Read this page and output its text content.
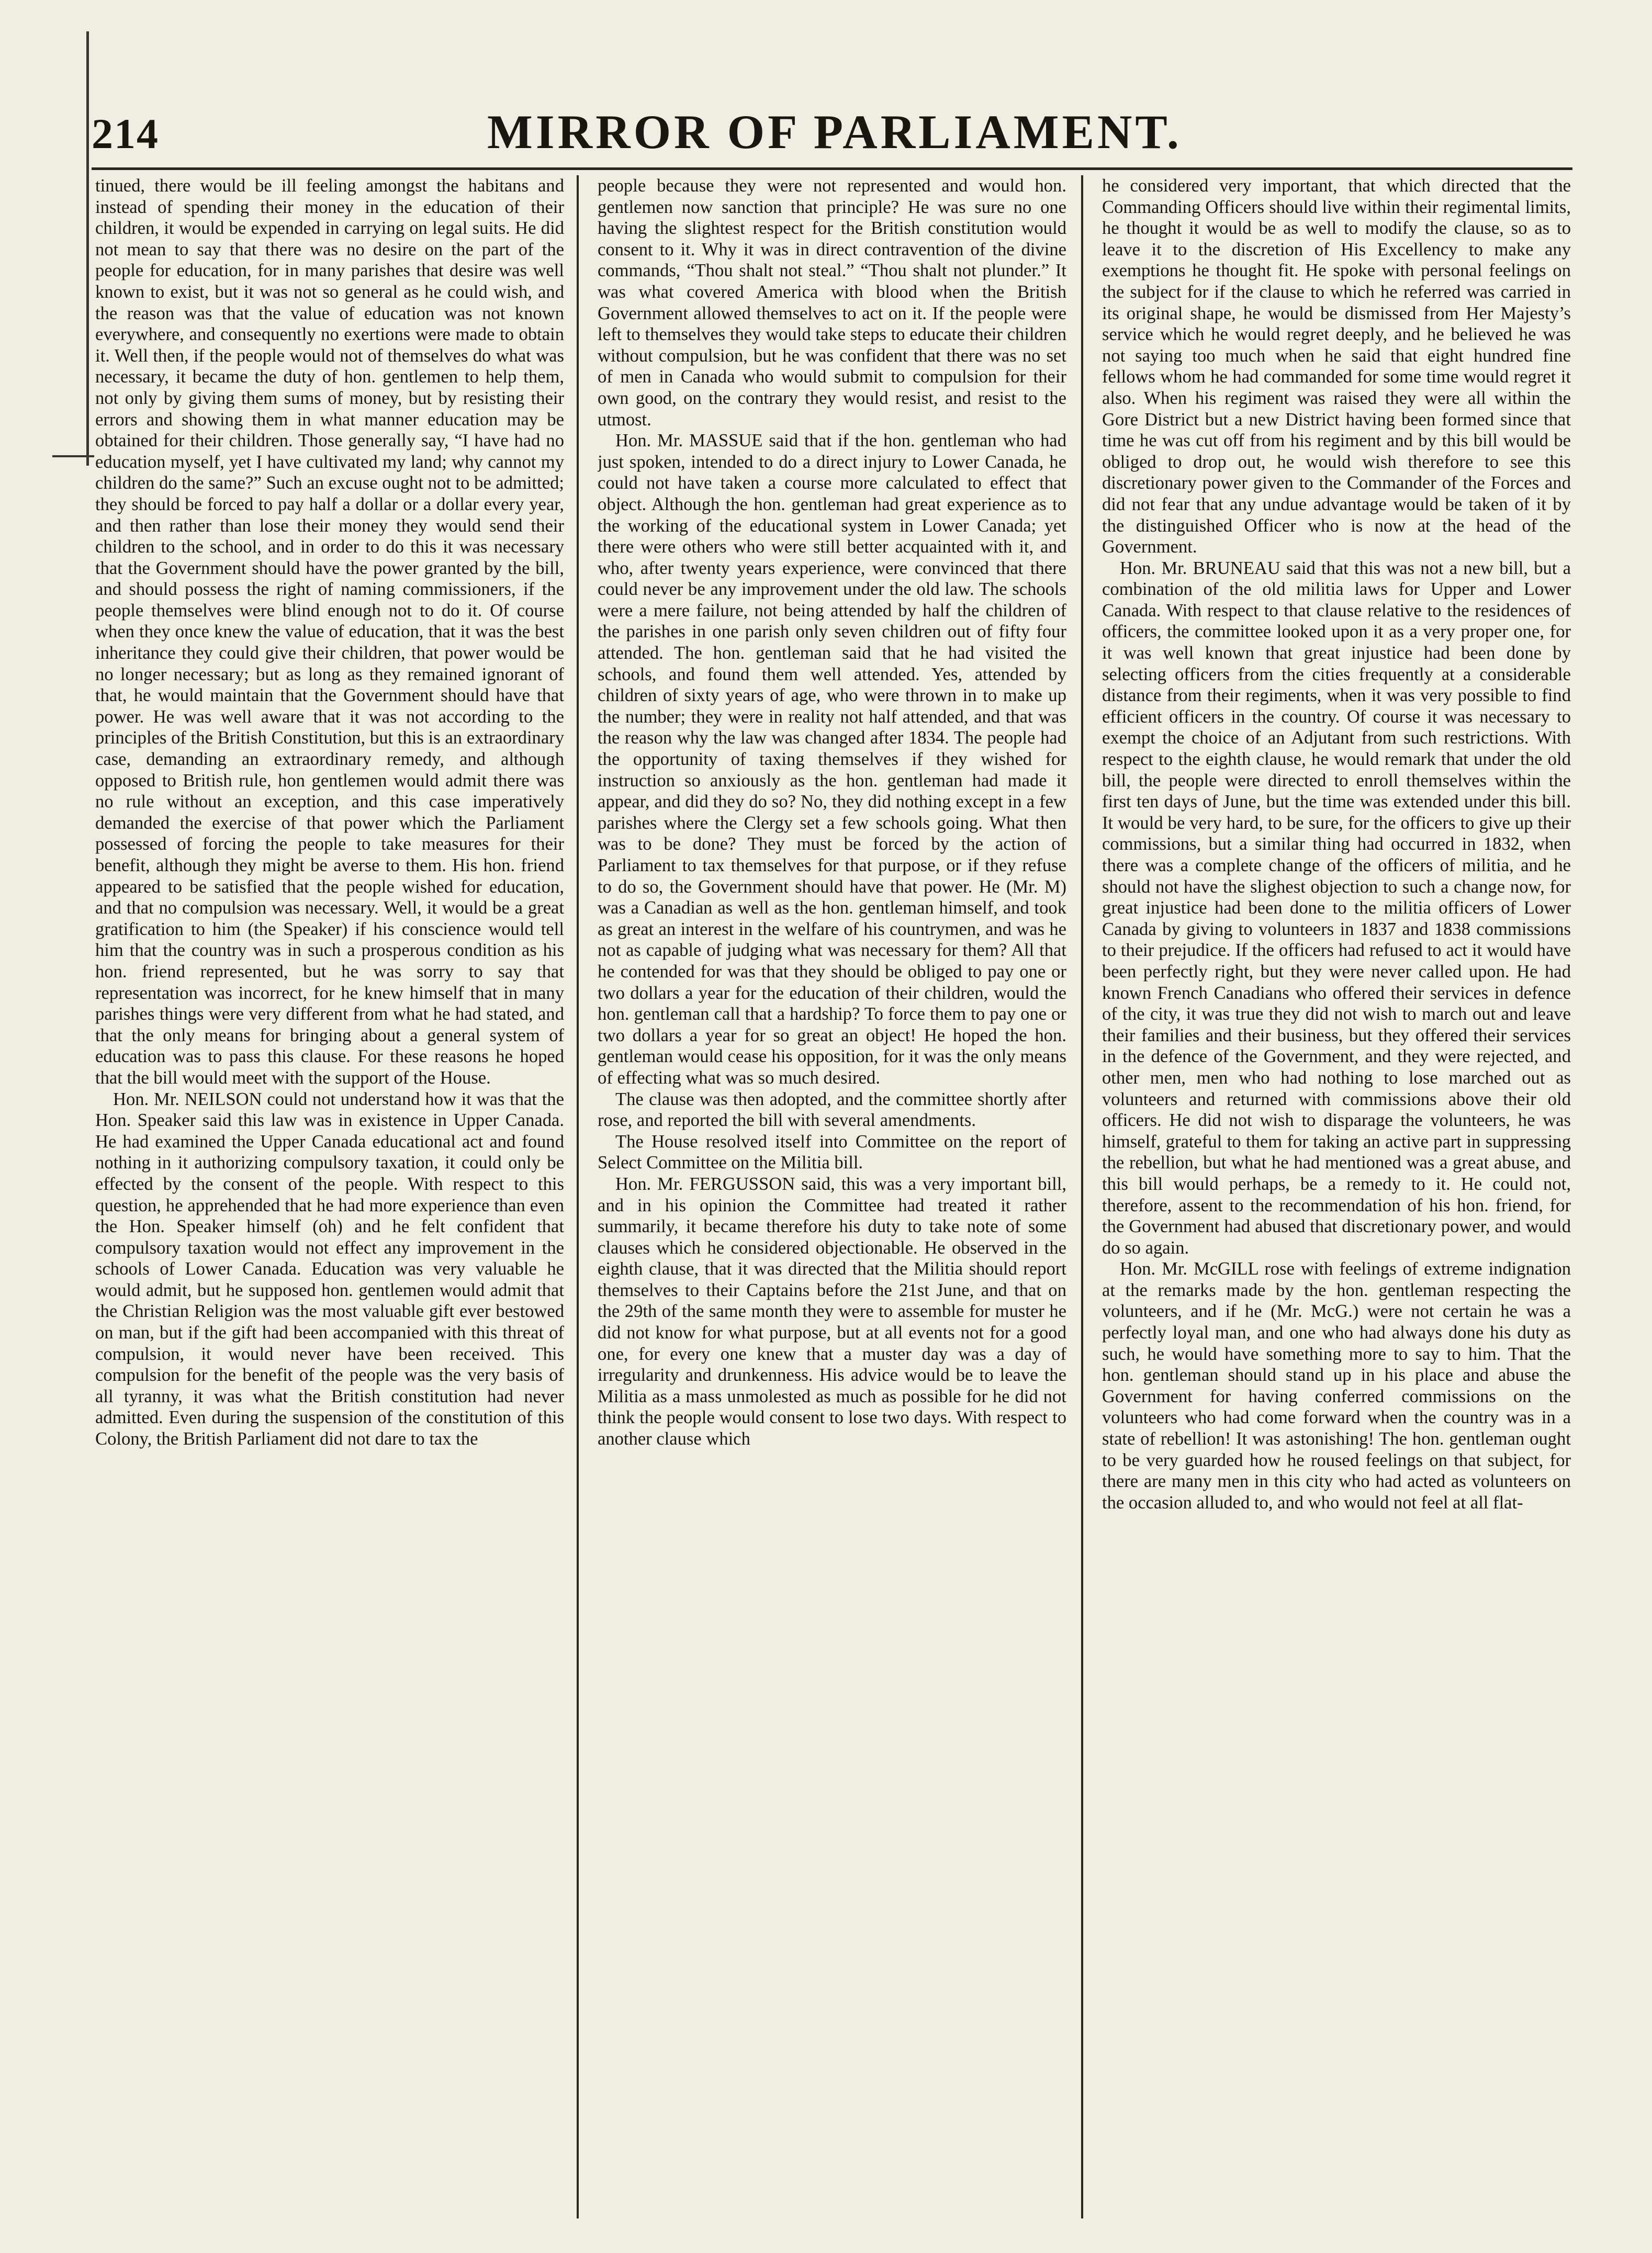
214	MIRROR OF PARLIAMENT.

tinued, there would be ill feeling amongst the habitans and instead of spending their money in the education of their children, it would be expended in carrying on legal suits. He did not mean to say that there was no desire on the part of the people for education, for in many parishes that desire was well known to exist, but it was not so general as he could wish, and the reason was that the value of education was not known everywhere, and consequently no exertions were made to obtain it. Well then, if the people would not of themselves do what was necessary, it became the duty of hon. gentlemen to help them, not only by giving them sums of money, but by resisting their errors and showing them in what manner education may be obtained for their children. Those generally say, “I have had no education myself, yet I have cultivated my land; why cannot my children do the same?” Such an excuse ought not to be admitted; they should be forced to pay half a dollar or a dollar every year, and then rather than lose their money they would send their children to the school, and in order to do this it was necessary that the Government should have the power granted by the bill, and should possess the right of naming commissioners, if the people themselves were blind enough not to do it. Of course when they once knew the value of education, that it was the best inheritance they could give their children, that power would be no longer necessary; but as long as they remained ignorant of that, he would maintain that the Government should have that power. He was well aware that it was not according to the principles of the British Constitution, but this is an extraordinary case, demanding an extraordinary remedy, and although opposed to British rule, hon gentlemen would admit there was no rule without an exception, and this case imperatively demanded the exercise of that power which the Parliament possessed of forcing the people to take measures for their benefit, although they might be averse to them. His hon. friend appeared to be satisfied that the people wished for education, and that no compulsion was necessary. Well, it would be a great gratification to him (the Speaker) if his conscience would tell him that the country was in such a prosperous condition as his hon. friend represented, but he was sorry to say that representation was incorrect, for he knew himself that in many parishes things were very different from what he had stated, and that the only means for bringing about a general system of education was to pass this clause. For these reasons he hoped that the bill would meet with the support of the House.

Hon. Mr. NEILSON could not understand how it was that the Hon. Speaker said this law was in existence in Upper Canada. He had examined the Upper Canada educational act and found nothing in it authorizing compulsory taxation, it could only be effected by the consent of the people. With respect to this question, he apprehended that he had more experience than even the Hon. Speaker himself (oh) and he felt confident that compulsory taxation would not effect any improvement in the schools of Lower Canada. Education was very valuable he would admit, but he supposed hon. gentlemen would admit that the Christian Religion was the most valuable gift ever bestowed on man, but if the gift had been accompanied with this threat of compulsion, it would never have been received. This compulsion for the benefit of the people was the very basis of all tyranny, it was what the British constitution had never admitted. Even during the suspension of the constitution of this Colony, the British Parliament did not dare to tax the

people because they were not represented and would hon. gentlemen now sanction that principle? He was sure no one having the slightest respect for the British constitution would consent to it. Why it was in direct contravention of the divine commands, “Thou shalt not steal.” “Thou shalt not plunder.” It was what covered America with blood when the British Government allowed themselves to act on it. If the people were left to themselves they would take steps to educate their children without compulsion, but he was confident that there was no set of men in Canada who would submit to compulsion for their own good, on the contrary they would resist, and resist to the utmost.

Hon. Mr. MASSUE said that if the hon. gentleman who had just spoken, intended to do a direct injury to Lower Canada, he could not have taken a course more calculated to effect that object. Although the hon. gentleman had great experience as to the working of the educational system in Lower Canada; yet there were others who were still better acquainted with it, and who, after twenty years experience, were convinced that there could never be any improvement under the old law. The schools were a mere failure, not being attended by half the children of the parishes in one parish only seven children out of fifty four attended. The hon. gentleman said that he had visited the schools, and found them well attended. Yes, attended by children of sixty years of age, who were thrown in to make up the number; they were in reality not half attended, and that was the reason why the law was changed after 1834. The people had the opportunity of taxing themselves if they wished for instruction so anxiously as the hon. gentleman had made it appear, and did they do so? No, they did nothing except in a few parishes where the Clergy set a few schools going. What then was to be done? They must be forced by the action of Parliament to tax themselves for that purpose, or if they refuse to do so, the Government should have that power. He (Mr. M) was a Canadian as well as the hon. gentleman himself, and took as great an interest in the welfare of his countrymen, and was he not as capable of judging what was necessary for them? All that he contended for was that they should be obliged to pay one or two dollars a year for the education of their children, would the hon. gentleman call that a hardship? To force them to pay one or two dollars a year for so great an object! He hoped the hon. gentleman would cease his opposition, for it was the only means of effecting what was so much desired.

The clause was then adopted, and the committee shortly after rose, and reported the bill with several amendments.

The House resolved itself into Committee on the report of Select Committee on the Militia bill.

Hon. Mr. FERGUSSON said, this was a very important bill, and in his opinion the Committee had treated it rather summarily, it became therefore his duty to take note of some clauses which he considered objectionable. He observed in the eighth clause, that it was directed that the Militia should report themselves to their Captains before the 21st June, and that on the 29th of the same month they were to assemble for muster he did not know for what purpose, but at all events not for a good one, for every one knew that a muster day was a day of irregularity and drunkenness. His advice would be to leave the Militia as a mass unmolested as much as possible for he did not think the people would consent to lose two days. With respect to another clause which

he considered very important, that which directed that the Commanding Officers should live within their regimental limits, he thought it would be as well to modify the clause, so as to leave it to the discretion of His Excellency to make any exemptions he thought fit. He spoke with personal feelings on the subject for if the clause to which he referred was carried in its original shape, he would be dismissed from Her Majesty’s service which he would regret deeply, and he believed he was not saying too much when he said that eight hundred fine fellows whom he had commanded for some time would regret it also. When his regiment was raised they were all within the Gore District but a new District having been formed since that time he was cut off from his regiment and by this bill would be obliged to drop out, he would wish therefore to see this discretionary power given to the Commander of the Forces and did not fear that any undue advantage would be taken of it by the distinguished Officer who is now at the head of the Government.

Hon. Mr. BRUNEAU said that this was not a new bill, but a combination of the old militia laws for Upper and Lower Canada. With respect to that clause relative to the residences of officers, the committee looked upon it as a very proper one, for it was well known that great injustice had been done by selecting officers from the cities frequently at a considerable distance from their regiments, when it was very possible to find efficient officers in the country. Of course it was necessary to exempt the choice of an Adjutant from such restrictions. With respect to the eighth clause, he would remark that under the old bill, the people were directed to enroll themselves within the first ten days of June, but the time was extended under this bill. It would be very hard, to be sure, for the officers to give up their commissions, but a similar thing had occurred in 1832, when there was a complete change of the officers of militia, and he should not have the slighest objection to such a change now, for great injustice had been done to the militia officers of Lower Canada by giving to volunteers in 1837 and 1838 commissions to their prejudice. If the officers had refused to act it would have been perfectly right, but they were never called upon. He had known French Canadians who offered their services in defence of the city, it was true they did not wish to march out and leave their families and their business, but they offered their services in the defence of the Government, and they were rejected, and other men, men who had nothing to lose marched out as volunteers and returned with commissions above their old officers. He did not wish to disparage the volunteers, he was himself, grateful to them for taking an active part in suppressing the rebellion, but what he had mentioned was a great abuse, and this bill would perhaps, be a remedy to it. He could not, therefore, assent to the recommendation of his hon. friend, for the Government had abused that discretionary power, and would do so again.

Hon. Mr. McGILL rose with feelings of extreme indignation at the remarks made by the hon. gentleman respecting the volunteers, and if he (Mr. McG.) were not certain he was a perfectly loyal man, and one who had always done his duty as such, he would have something more to say to him. That the hon. gentleman should stand up in his place and abuse the Government for having conferred commissions on the volunteers who had come forward when the country was in a state of rebellion! It was astonishing! The hon. gentleman ought to be very guarded how he roused feelings on that subject, for there are many men in this city who had acted as volunteers on the occasion alluded to, and who would not feel at all flat-
